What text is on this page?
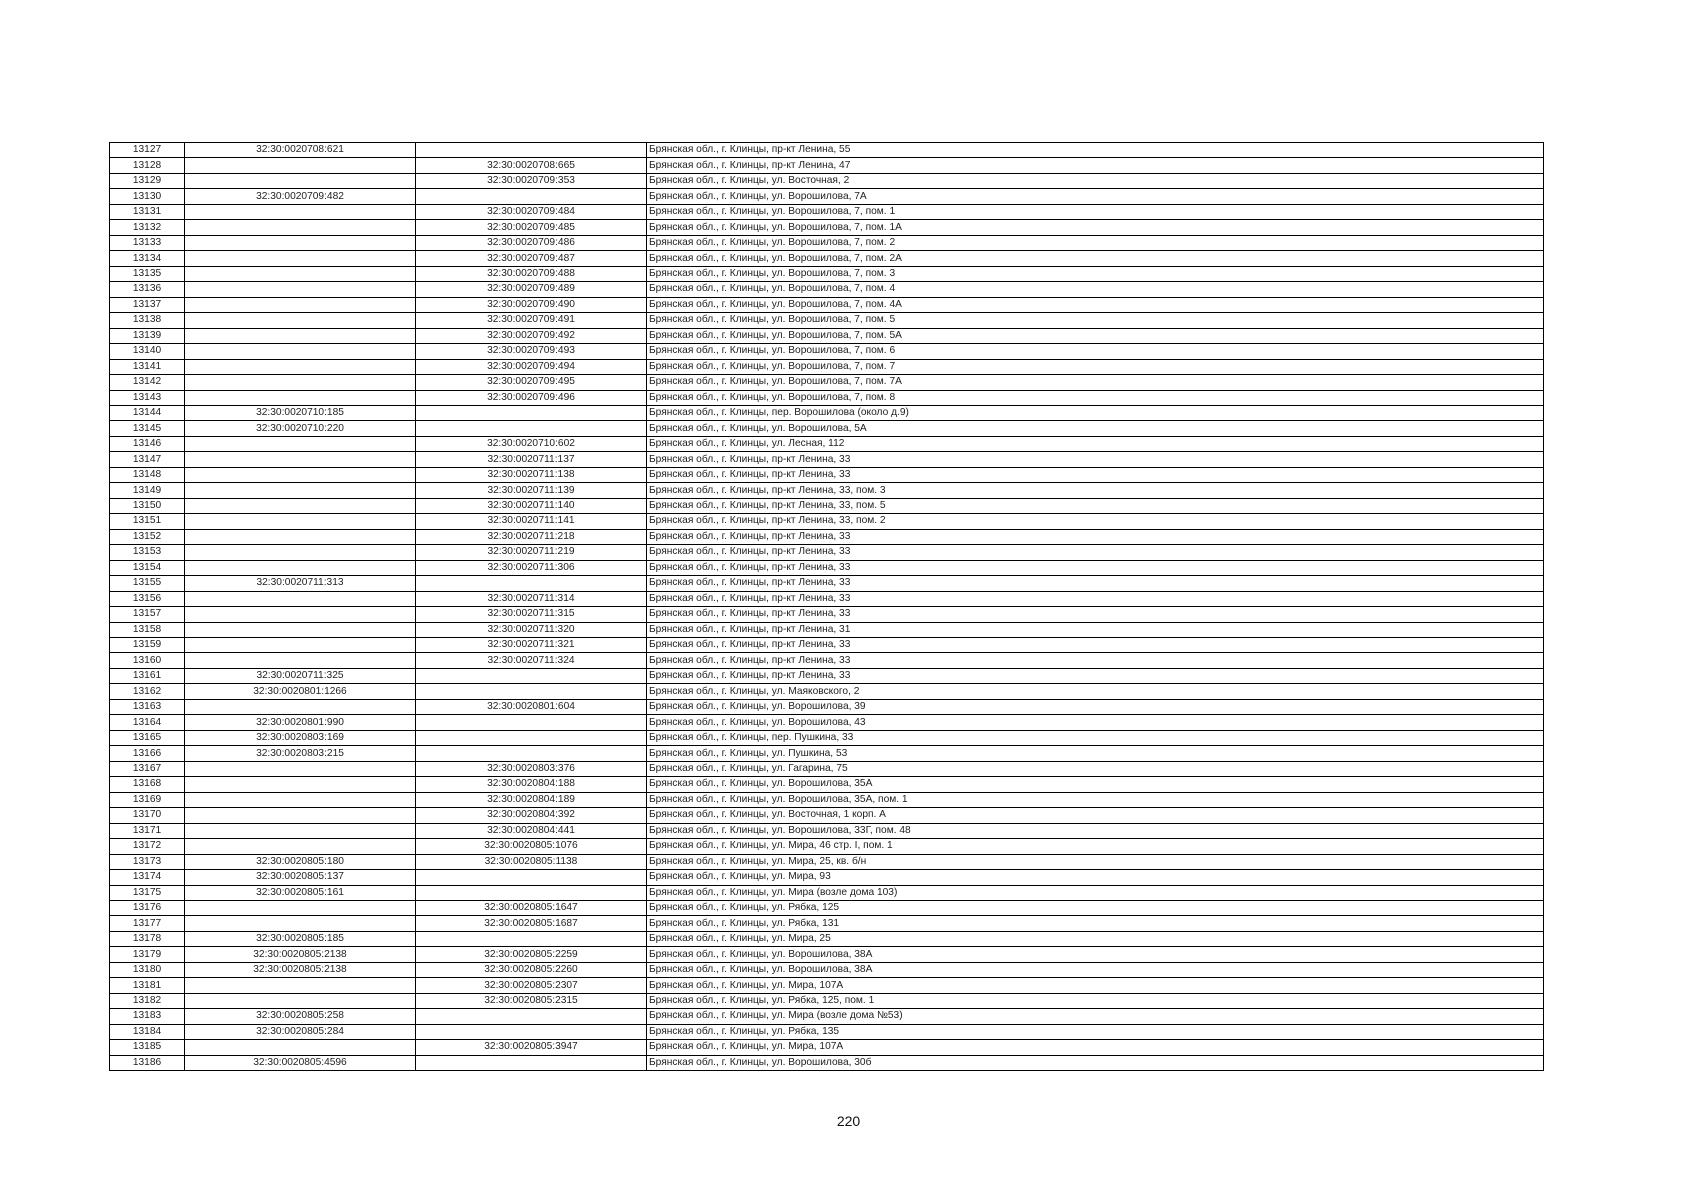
13127	32:30:0020708:621		Брянская обл., г. Клинцы, пр-кт Ленина, 55
13128		32:30:0020708:665	Брянская обл., г. Клинцы, пр-кт Ленина, 47
13129		32:30:0020709:353	Брянская обл., г. Клинцы, ул. Восточная, 2
13130	32:30:0020709:482		Брянская обл., г. Клинцы, ул. Ворошилова, 7А
13131		32:30:0020709:484	Брянская обл., г. Клинцы, ул. Ворошилова, 7, пом. 1
13132		32:30:0020709:485	Брянская обл., г. Клинцы, ул. Ворошилова, 7, пом. 1А
13133		32:30:0020709:486	Брянская обл., г. Клинцы, ул. Ворошилова, 7, пом. 2
13134		32:30:0020709:487	Брянская обл., г. Клинцы, ул. Ворошилова, 7, пом. 2А
13135		32:30:0020709:488	Брянская обл., г. Клинцы, ул. Ворошилова, 7, пом. 3
13136		32:30:0020709:489	Брянская обл., г. Клинцы, ул. Ворошилова, 7, пом. 4
13137		32:30:0020709:490	Брянская обл., г. Клинцы, ул. Ворошилова, 7, пом. 4А
13138		32:30:0020709:491	Брянская обл., г. Клинцы, ул. Ворошилова, 7, пом. 5
13139		32:30:0020709:492	Брянская обл., г. Клинцы, ул. Ворошилова, 7, пом. 5А
13140		32:30:0020709:493	Брянская обл., г. Клинцы, ул. Ворошилова, 7, пом. 6
13141		32:30:0020709:494	Брянская обл., г. Клинцы, ул. Ворошилова, 7, пом. 7
13142		32:30:0020709:495	Брянская обл., г. Клинцы, ул. Ворошилова, 7, пом. 7А
13143		32:30:0020709:496	Брянская обл., г. Клинцы, ул. Ворошилова, 7, пом. 8
13144	32:30:0020710:185		Брянская обл., г. Клинцы, пер. Ворошилова (около д.9)
13145	32:30:0020710:220		Брянская обл., г. Клинцы, ул. Ворошилова, 5А
13146		32:30:0020710:602	Брянская обл., г. Клинцы, ул. Лесная, 112
13147		32:30:0020711:137	Брянская обл., г. Клинцы, пр-кт Ленина, 33
13148		32:30:0020711:138	Брянская обл., г. Клинцы, пр-кт Ленина, 33
13149		32:30:0020711:139	Брянская обл., г. Клинцы, пр-кт Ленина, 33, пом. 3
13150		32:30:0020711:140	Брянская обл., г. Клинцы, пр-кт Ленина, 33, пом. 5
13151		32:30:0020711:141	Брянская обл., г. Клинцы, пр-кт Ленина, 33, пом. 2
13152		32:30:0020711:218	Брянская обл., г. Клинцы, пр-кт Ленина, 33
13153		32:30:0020711:219	Брянская обл., г. Клинцы, пр-кт Ленина, 33
13154		32:30:0020711:306	Брянская обл., г. Клинцы, пр-кт Ленина, 33
13155	32:30:0020711:313		Брянская обл., г. Клинцы, пр-кт Ленина, 33
13156		32:30:0020711:314	Брянская обл., г. Клинцы, пр-кт Ленина, 33
13157		32:30:0020711:315	Брянская обл., г. Клинцы, пр-кт Ленина, 33
13158		32:30:0020711:320	Брянская обл., г. Клинцы, пр-кт Ленина, 31
13159		32:30:0020711:321	Брянская обл., г. Клинцы, пр-кт Ленина, 33
13160		32:30:0020711:324	Брянская обл., г. Клинцы, пр-кт Ленина, 33
13161	32:30:0020711:325		Брянская обл., г. Клинцы, пр-кт Ленина, 33
13162	32:30:0020801:1266		Брянская обл., г. Клинцы, ул. Маяковского, 2
13163		32:30:0020801:604	Брянская обл., г. Клинцы, ул. Ворошилова, 39
13164	32:30:0020801:990		Брянская обл., г. Клинцы, ул. Ворошилова, 43
13165	32:30:0020803:169		Брянская обл., г. Клинцы, пер. Пушкина, 33
13166	32:30:0020803:215		Брянская обл., г. Клинцы, ул. Пушкина, 53
13167		32:30:0020803:376	Брянская обл., г. Клинцы, ул. Гагарина, 75
13168		32:30:0020804:188	Брянская обл., г. Клинцы, ул. Ворошилова, 35А
13169		32:30:0020804:189	Брянская обл., г. Клинцы, ул. Ворошилова, 35А, пом. 1
13170		32:30:0020804:392	Брянская обл., г. Клинцы, ул. Восточная, 1 корп. А
13171		32:30:0020804:441	Брянская обл., г. Клинцы, ул. Ворошилова, 33Г, пом. 48
13172		32:30:0020805:1076	Брянская обл., г. Клинцы, ул. Мира, 46 стр. I, пом. 1
13173	32:30:0020805:180	32:30:0020805:1138	Брянская обл., г. Клинцы, ул. Мира, 25, кв. б/н
13174	32:30:0020805:137		Брянская обл., г. Клинцы, ул. Мира, 93
13175	32:30:0020805:161		Брянская обл., г. Клинцы, ул. Мира (возле дома 103)
13176		32:30:0020805:1647	Брянская обл., г. Клинцы, ул. Рябка, 125
13177		32:30:0020805:1687	Брянская обл., г. Клинцы, ул. Рябка, 131
13178	32:30:0020805:185		Брянская обл., г. Клинцы, ул. Мира, 25
13179	32:30:0020805:2138	32:30:0020805:2259	Брянская обл., г. Клинцы, ул. Ворошилова, 38А
13180	32:30:0020805:2138	32:30:0020805:2260	Брянская обл., г. Клинцы, ул. Ворошилова, 38А
13181		32:30:0020805:2307	Брянская обл., г. Клинцы, ул. Мира, 107А
13182		32:30:0020805:2315	Брянская обл., г. Клинцы, ул. Рябка, 125, пом. 1
13183	32:30:0020805:258		Брянская обл., г. Клинцы, ул. Мира (возле дома №53)
13184	32:30:0020805:284		Брянская обл., г. Клинцы, ул. Рябка, 135
13185		32:30:0020805:3947	Брянская обл., г. Клинцы, ул. Мира, 107А
13186	32:30:0020805:4596		Брянская обл., г. Клинцы, ул. Ворошилова, 30б
220
